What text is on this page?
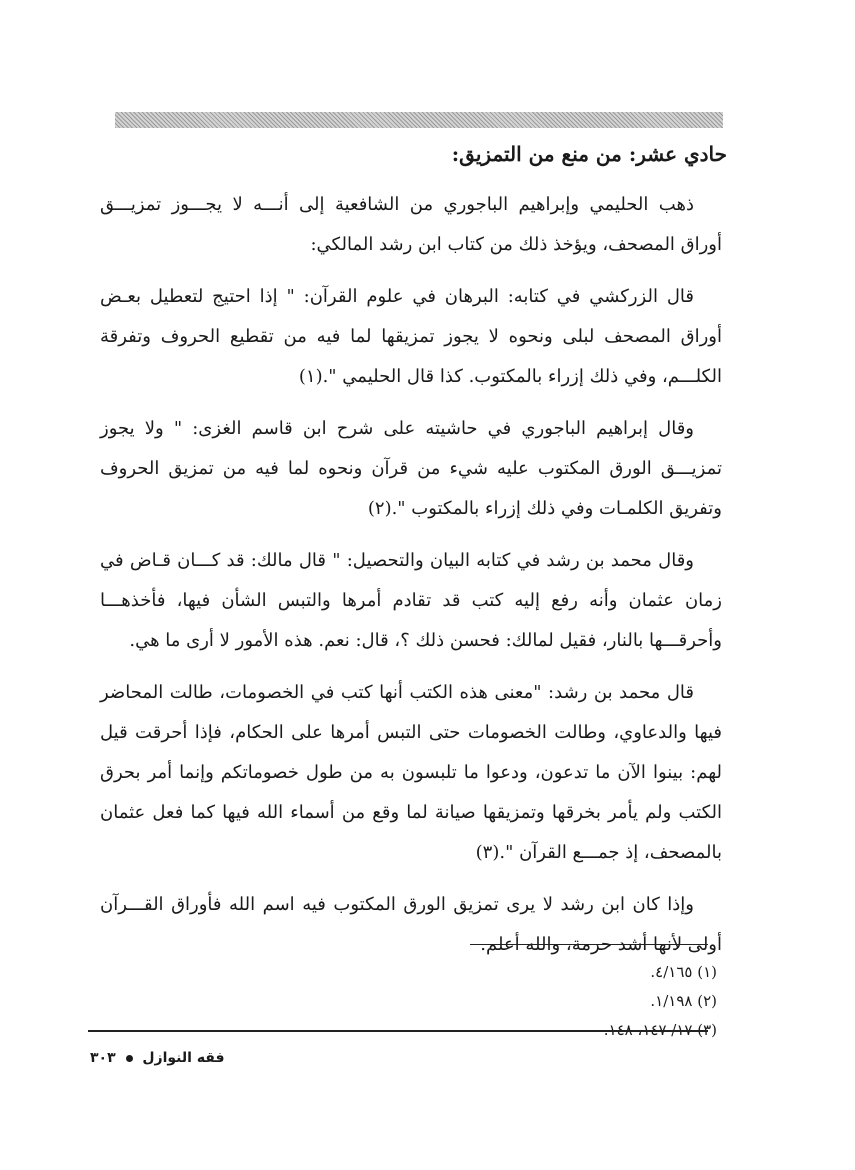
حادي عشر: من منع من التمزيق:

ذهب الحليمي وإبراهيم الباجوري من الشافعية إلى أنـــه لا يجـــوز تمزيـــق أوراق المصحف، ويؤخذ ذلك من كتاب ابن رشد المالكي:

قال الزركشي في كتابه: البرهان في علوم القرآن: " إذا احتيج لتعطيل بعـض أوراق المصحف لبلى ونحوه لا يجوز تمزيقها لما فيه من تقطيع الحروف وتفرقة الكلـــم، وفي ذلك إزراء بالمكتوب. كذا قال الحليمي ".(١)

وقال إبراهيم الباجوري في حاشيته على شرح ابن قاسم الغزى: " ولا يجوز تمزيـــق الورق المكتوب عليه شيء من قرآن ونحوه لما فيه من تمزيق الحروف وتفريق الكلمـات وفي ذلك إزراء بالمكتوب ".(٢)

وقال محمد بن رشد في كتابه البيان والتحصيل: " قال مالك: قد كـــان قـاض في زمان عثمان وأنه رفع إليه كتب قد تقادم أمرها والتبس الشأن فيها، فأخذهـــا وأحرقـــها بالنار، فقيل لمالك: فحسن ذلك ؟، قال: نعم. هذه الأمور لا أرى ما هي.

قال محمد بن رشد: "معنى هذه الكتب أنها كتب في الخصومات، طالت المحاضر فيها والدعاوي، وطالت الخصومات حتى التبس أمرها على الحكام، فإذا أحرقت قيل لهم: بينوا الآن ما تدعون، ودعوا ما تلبسون به من طول خصوماتكم وإنما أمر بحرق الكتب ولم يأمر بخرقها وتمزيقها صيانة لما وقع من أسماء الله فيها كما فعل عثمان بالمصحف، إذ جمـــع القرآن ".(٣)

وإذا كان ابن رشد لا يرى تمزيق الورق المكتوب فيه اسم الله فأوراق القـــرآن أولى لأنها أشد حرمة، والله أعلم.

(١) ٤/١٦٥.
(٢) ١/١٩٨.
(٣) ١٧/ ١٤٧، ١٤٨.
فقه النوازل  ٣٠٣
